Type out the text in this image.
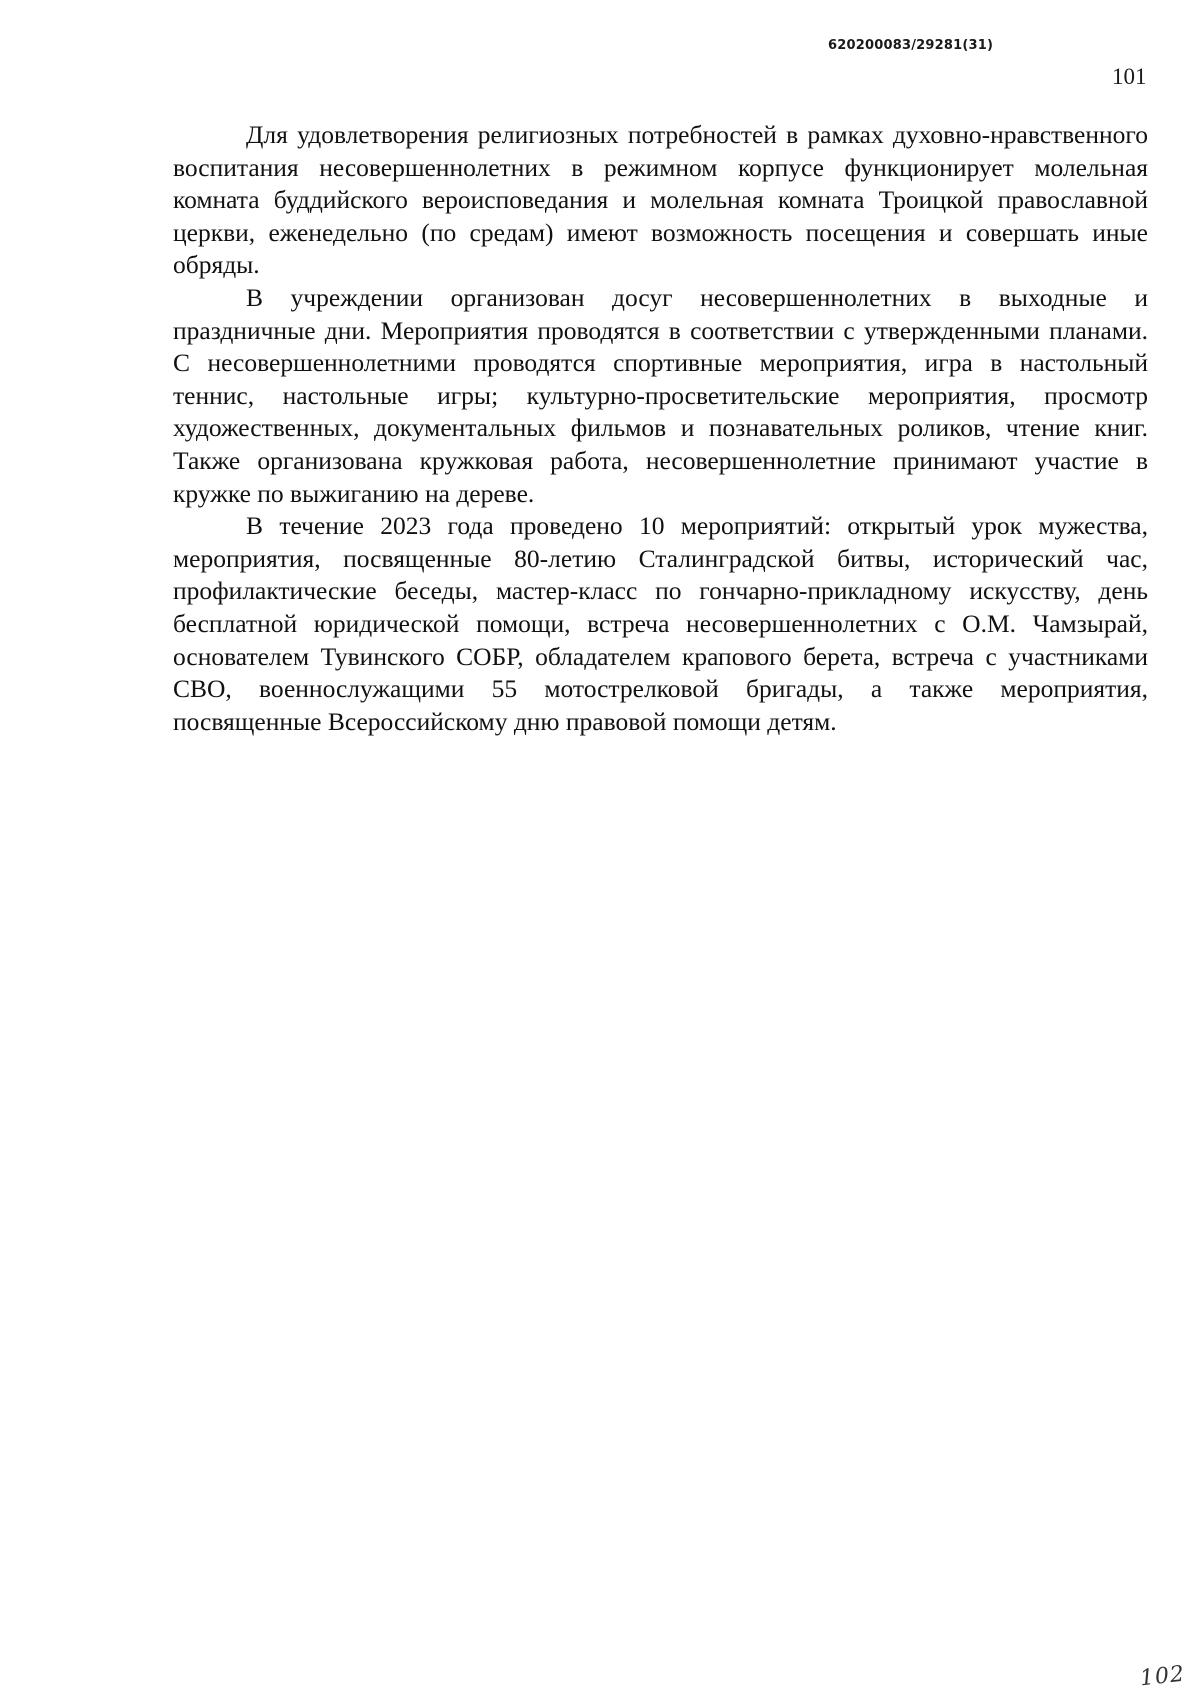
620200083/29281(31)
101

Для удовлетворения религиозных потребностей в рамках духовно-нравственного воспитания несовершеннолетних в режимном корпусе функционирует молельная комната буддийского вероисповедания и молельная комната Троицкой православной церкви, еженедельно (по средам) имеют возможность посещения и совершать иные обряды.

В учреждении организован досуг несовершеннолетних в выходные и праздничные дни. Мероприятия проводятся в соответствии с утвержденными планами. С несовершеннолетними проводятся спортивные мероприятия, игра в настольный теннис, настольные игры; культурно-просветительские мероприятия, просмотр художественных, документальных фильмов и познавательных роликов, чтение книг. Также организована кружковая работа, несовершеннолетние принимают участие в кружке по выжиганию на дереве.

В течение 2023 года проведено 10 мероприятий: открытый урок мужества, мероприятия, посвященные 80-летию Сталинградской битвы, исторический час, профилактические беседы, мастер-класс по гончарно-прикладному искусству, день бесплатной юридической помощи, встреча несовершеннолетних с О.М. Чамзырай, основателем Тувинского СОБР, обладателем крапового берета, встреча с участниками СВО, военнослужащими 55 мотострелковой бригады, а также мероприятия, посвященные Всероссийскому дню правовой помощи детям.

102
